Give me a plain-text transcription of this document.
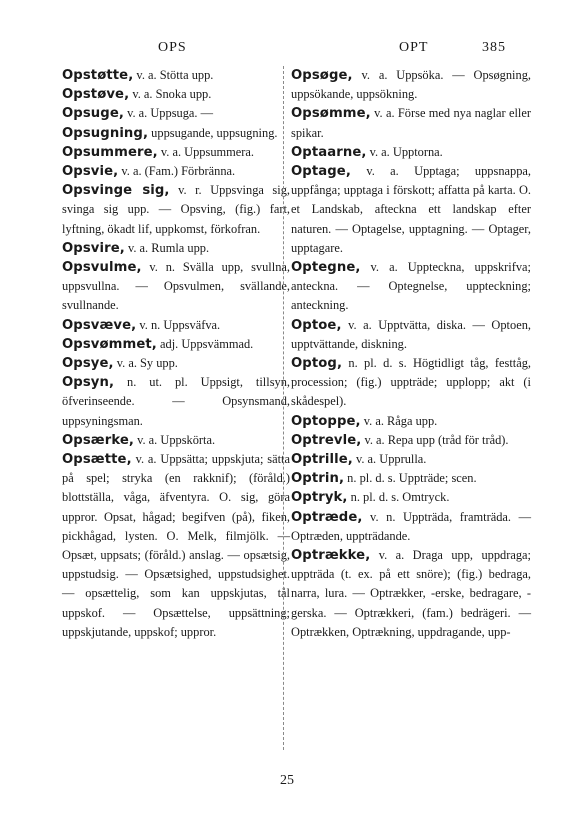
OPS	OPT	385

Opstøtte, v. a. Stötta upp.

Opstøve, v. a. Snoka upp.

Opsuge, v. a. Uppsuga. —

Opsugning, uppsugande, uppsugning.

Opsummere, v. a. Uppsummera.

Opsvie, v. a. (Fam.) Förbränna.

Opsvinge sig, v. r. Uppsvinga sig, svinga sig upp. — Opsving, (fig.) fart, lyftning, ökadt lif, uppkomst, förkofran.

Opsvire, v. a. Rumla upp.

Opsvulme, v. n. Svälla upp, svullna, uppsvullna. — Opsvulmen, svällande, svullnande.

Opsvæve, v. n. Uppsväfva.

Opsvømmet, adj. Uppsvämmad.

Opsye, v. a. Sy upp.

Opsyn, n. ut. pl. Uppsigt, tillsyn, öfverinseende. — Opsynsmand, uppsyningsman.

Opsærke, v. a. Uppskörta.

Opsætte, v. a. Uppsätta; uppskjuta; sätta på spel; stryka (en rakknif); (föråld.) blottställa, våga, äfventyra. O. sig, göra uppror. Opsat, hågad; begifven (på), fiken, pickhågad, lysten. O. Melk, filmjölk. — Opsæt, uppsats; (föråld.) anslag. — opsætsig, uppstudsig. — Opsætsighed, uppstudsighet. — opsættelig, som kan uppskjutas, tål uppskof. — Opsættelse, uppsättning; uppskjutande, uppskof; uppror.

Opsøge, v. a. Uppsöka. — Opsøgning, uppsökande, uppsökning.

Opsømme, v. a. Förse med nya naglar eller spikar.

Optaarne, v. a. Upptorna.

Optage, v. a. Upptaga; uppsnappa, uppfånga; upptaga i förskott; affatta på karta. O. et Landskab, afteckna ett landskap efter naturen. — Optagelse, upptagning. — Optager, upptagare.

Optegne, v. a. Uppteckna, uppskrifva; anteckna. — Optegnelse, uppteckning; anteckning.

Optoe, v. a. Upptvätta, diska. — Optoen, upptvättande, diskning.

Optog, n. pl. d. s. Högtidligt tåg, festtåg, procession; (fig.) uppträde; upplopp; akt (i skådespel).

Optoppe, v. a. Råga upp.

Optrevle, v. a. Repa upp (tråd för tråd).

Optrille, v. a. Upprulla.

Optrin, n. pl. d. s. Uppträde; scen.

Optryk, n. pl. d. s. Omtryck.

Optræde, v. n. Uppträda, framträda. — Optræden, uppträdande.

Optrække, v. a. Draga upp, uppdraga; uppträda (t. ex. på ett snöre); (fig.) bedraga, narra, lura. — Optrækker, -erske, bedragare, -gerska. — Optrækkeri, (fam.) bedrägeri. — Optrækken, Optrækning, uppdragande, upp-

25
